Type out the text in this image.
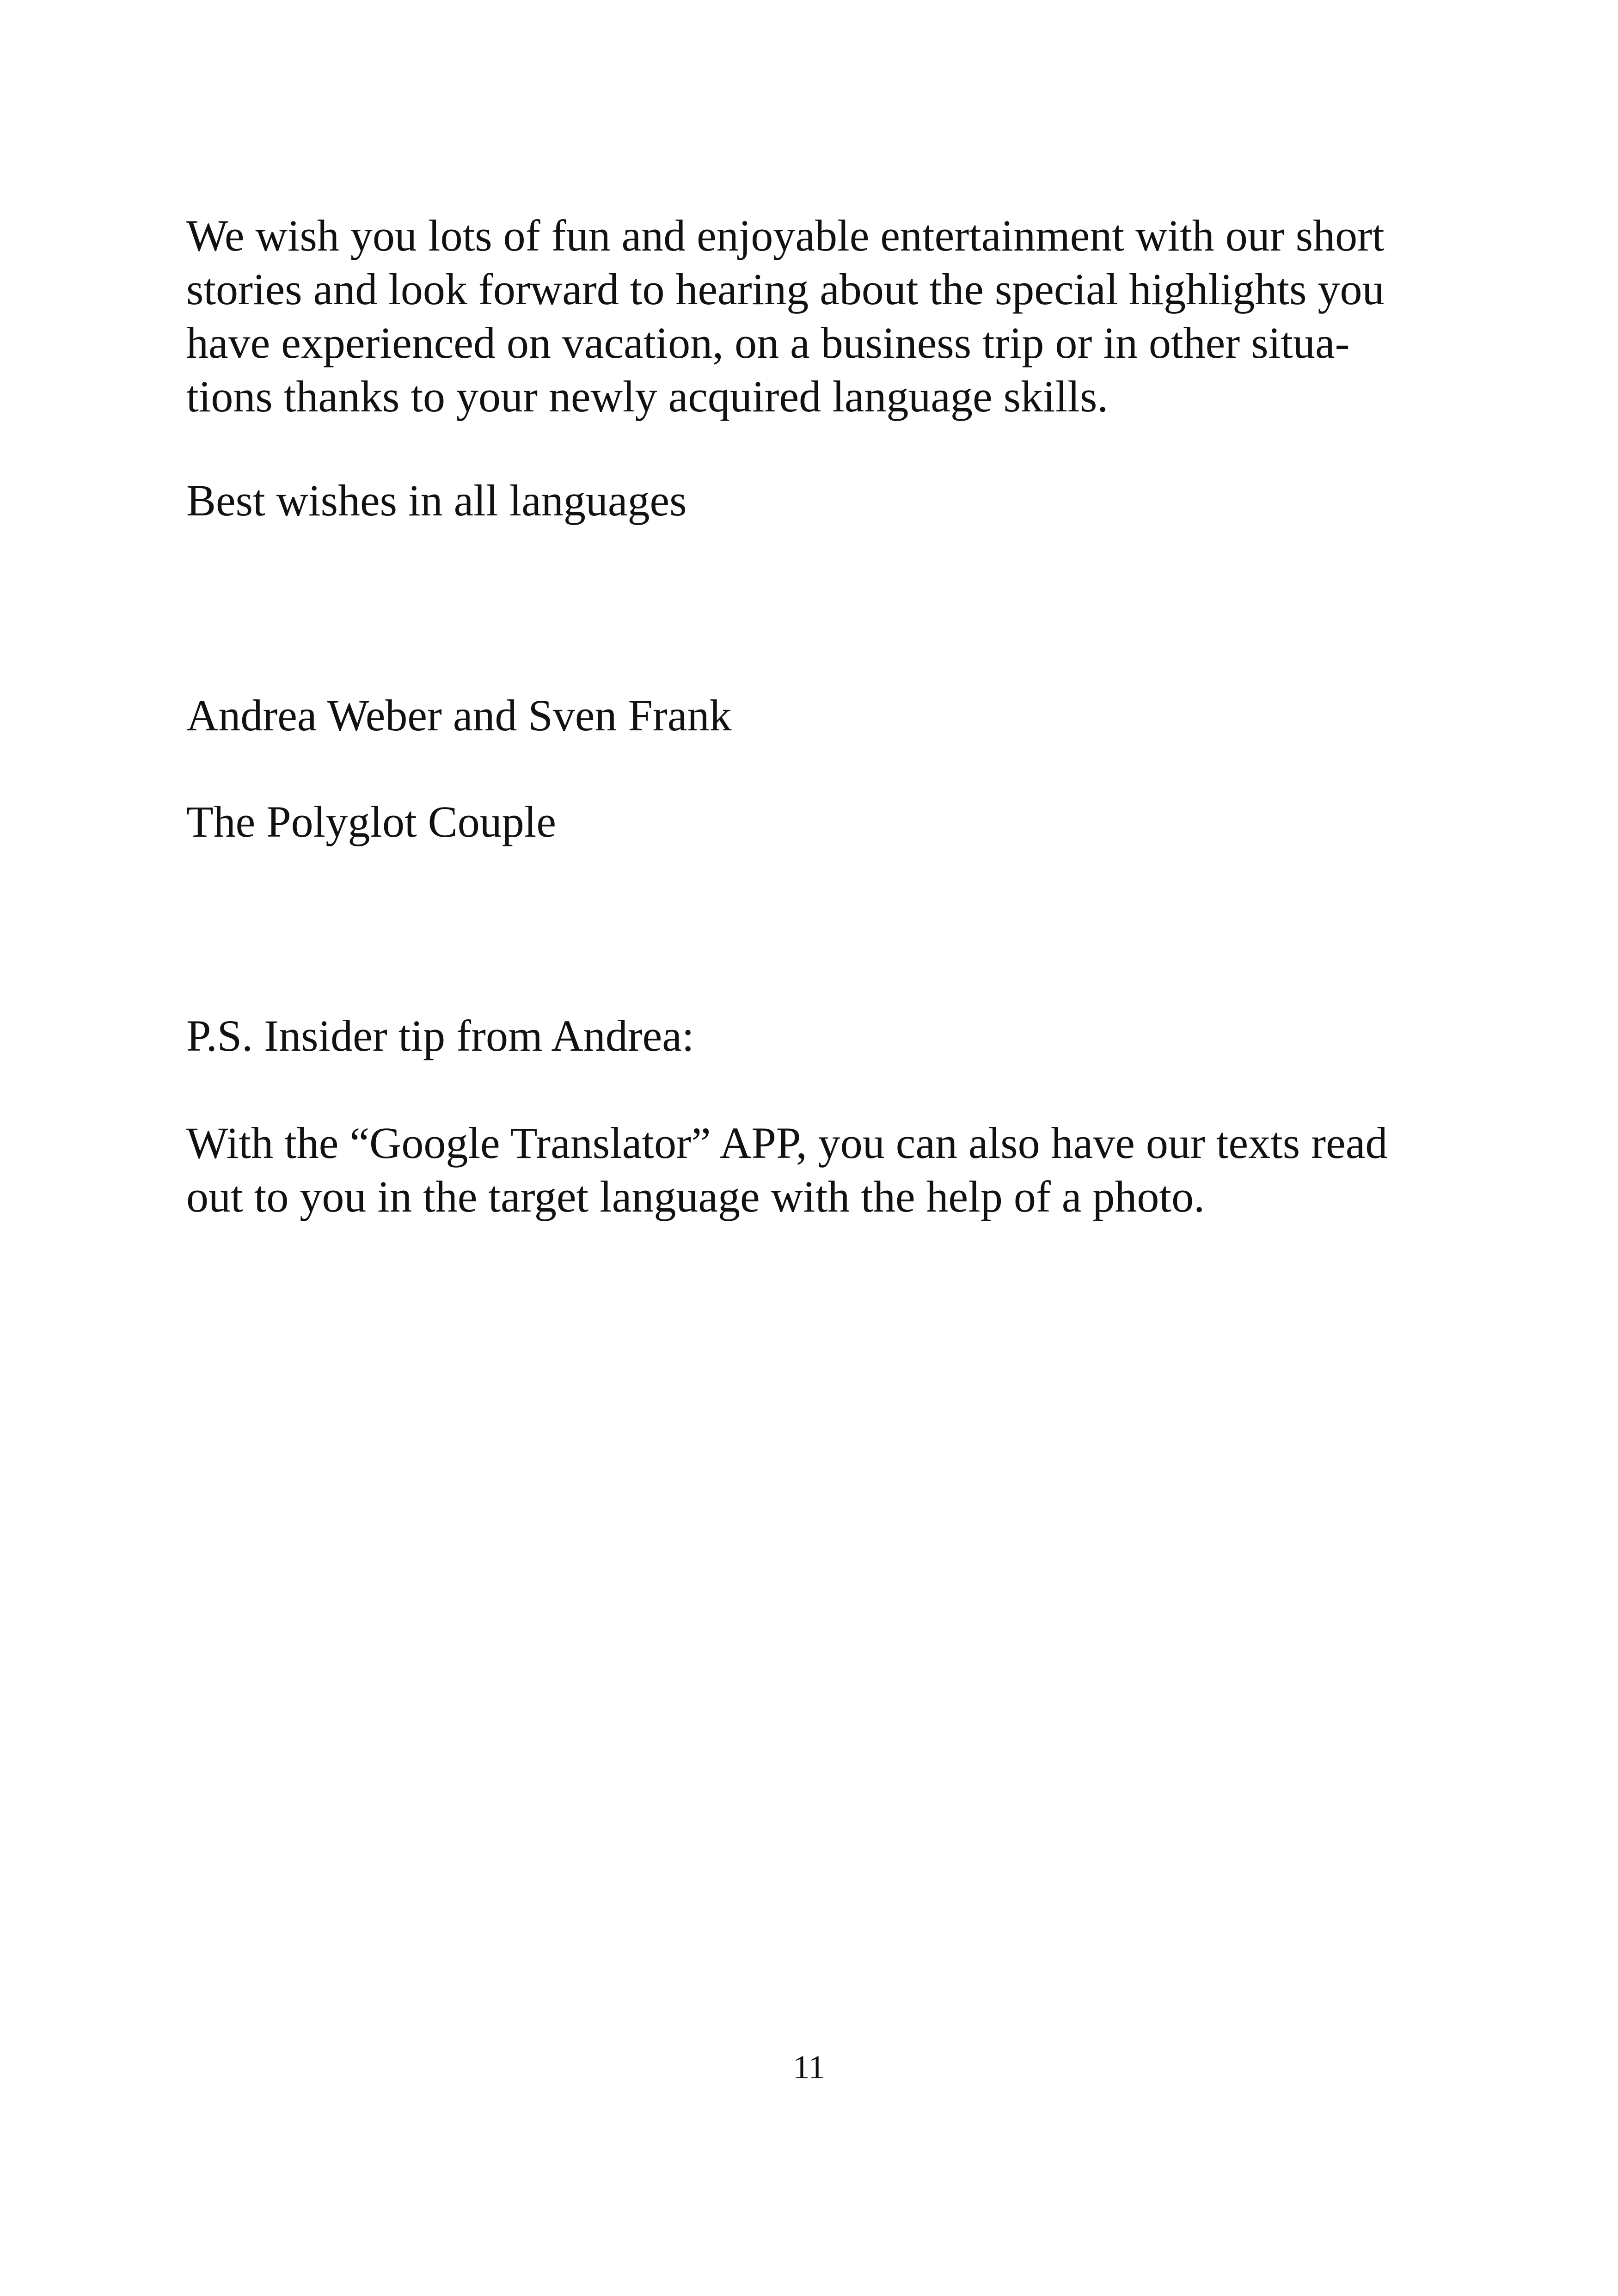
We wish you lots of fun and enjoyable entertainment with our short
stories and look forward to hearing about the special highlights you
have experienced on vacation, on a business trip or in other situa-
tions thanks to your newly acquired language skills.

Best wishes in all languages

Andrea Weber and Sven Frank

The Polyglot Couple

P.S. Insider tip from Andrea:

With the “Google Translator” APP, you can also have our texts read
out to you in the target language with the help of a photo.

11
